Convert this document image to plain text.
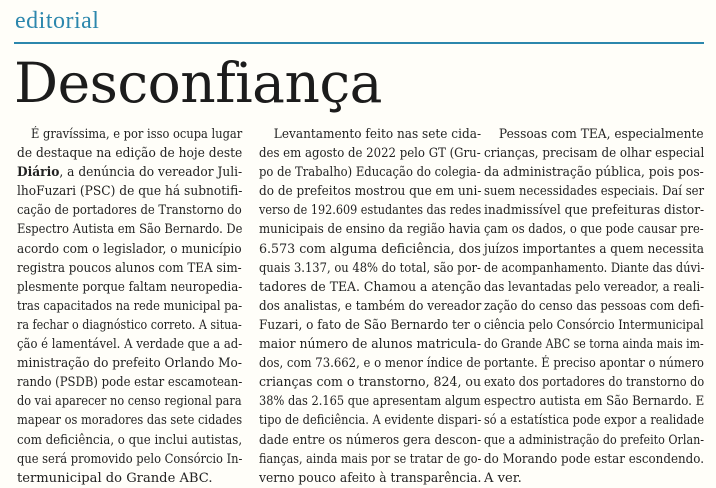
editorial
Desconfiança
É gravíssima, e por isso ocupa lugar
de destaque na edição de hoje deste
Diário, a denúncia do vereador Juli-
lhoFuzari (PSC) de que há subnotifi-
cação de portadores de Transtorno do
Espectro Autista em São Bernardo. De
acordo com o legislador, o município
registra poucos alunos com TEA sim-
plesmente porque faltam neuropedia-
tras capacitados na rede municipal pa-
ra fechar o diagnóstico correto. A situa-
ção é lamentável. A verdade que a ad-
ministração do prefeito Orlando Mo-
rando (PSDB) pode estar escamotean-
do vai aparecer no censo regional para
mapear os moradores das sete cidades
com deficiência, o que inclui autistas,
que será promovido pelo Consórcio In-
termunicipal do Grande ABC.
Levantamento feito nas sete cida-
des em agosto de 2022 pelo GT (Gru-
po de Trabalho) Educação do colegia-
do de prefeitos mostrou que em uni-
verso de 192.609 estudantes das redes
municipais de ensino da região havia
6.573 com alguma deficiência, dos
quais 3.137, ou 48% do total, são por-
tadores de TEA. Chamou a atenção
dos analistas, e também do vereador
Fuzari, o fato de São Bernardo ter o
maior número de alunos matricula-
dos, com 73.662, e o menor índice de
crianças com o transtorno, 824, ou
38% das 2.165 que apresentam algum
tipo de deficiência. A evidente dispari-
dade entre os números gera descon-
fianças, ainda mais por se tratar de go-
verno pouco afeito à transparência.
Pessoas com TEA, especialmente
crianças, precisam de olhar especial
da administração pública, pois pos-
suem necessidades especiais. Daí ser
inadmissível que prefeituras distor-
çam os dados, o que pode causar pre-
juízos importantes a quem necessita
de acompanhamento. Diante das dúvi-
das levantadas pelo vereador, a reali-
zação do censo das pessoas com defi-
ciência pelo Consórcio Intermunicipal
do Grande ABC se torna ainda mais im-
portante. É preciso apontar o número
exato dos portadores do transtorno do
espectro autista em São Bernardo. E
só a estatística pode expor a realidade
que a administração do prefeito Orlan-
do Morando pode estar escondendo.
A ver.
